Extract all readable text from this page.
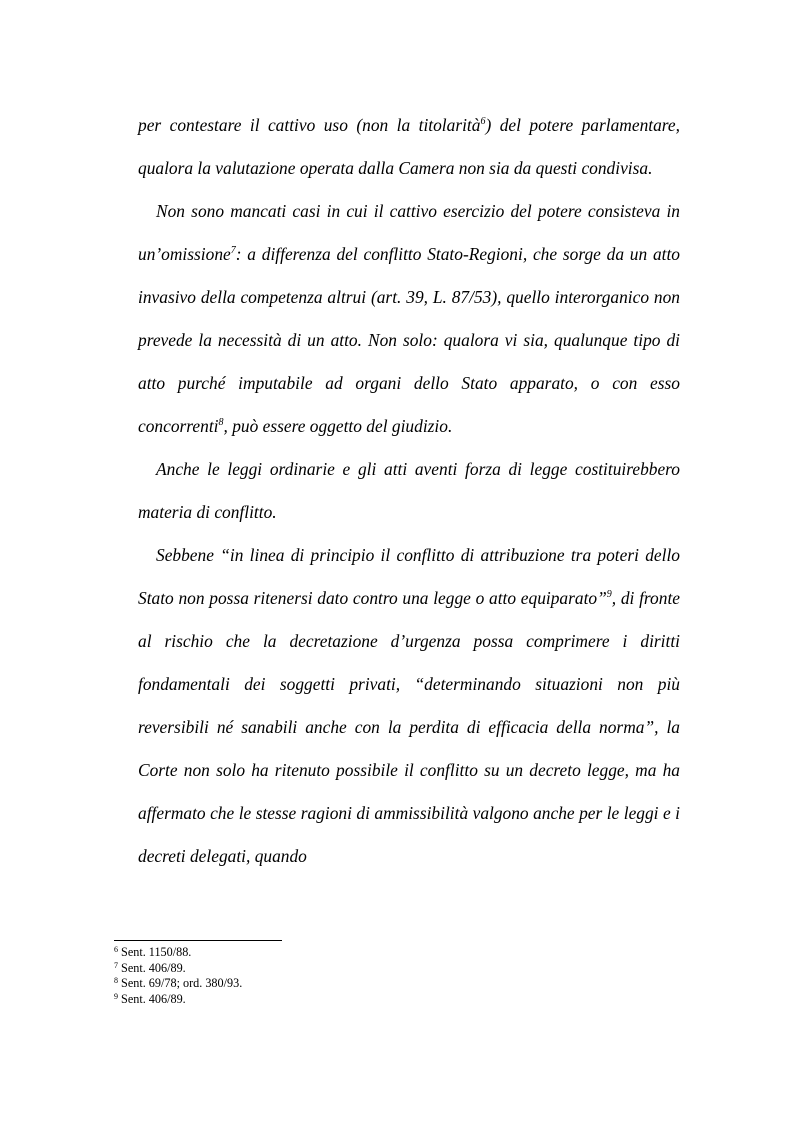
per contestare il cattivo uso (non la titolarità$^6$) del potere parlamentare, qualora la valutazione operata dalla Camera non sia da questi condivisa.

Non sono mancati casi in cui il cattivo esercizio del potere consisteva in un’omissione$^7$: a differenza del conflitto Stato-Regioni, che sorge da un atto invasivo della competenza altrui (art. 39, L. 87/53), quello interorganico non prevede la necessità di un atto. Non solo: qualora vi sia, qualunque tipo di atto purché imputabile ad organi dello Stato apparato, o con esso concorrenti$^8$, può essere oggetto del giudizio.

Anche le leggi ordinarie e gli atti aventi forza di legge costituirebbero materia di conflitto.

Sebbene “in linea di principio il conflitto di attribuzione tra poteri dello Stato non possa ritenersi dato contro una legge o atto equiparato”$^9$, di fronte al rischio che la decretazione d’urgenza possa comprimere i diritti fondamentali dei soggetti privati, “determinando situazioni non più reversibili né sanabili anche con la perdita di efficacia della norma”, la Corte non solo ha ritenuto possibile il conflitto su un decreto legge, ma ha affermato che le stesse ragioni di ammissibilità valgono anche per le leggi e i decreti delegati, quando

$^6$ Sent. 1150/88.
$^7$ Sent. 406/89.
$^8$ Sent. 69/78; ord. 380/93.
$^9$ Sent. 406/89.
